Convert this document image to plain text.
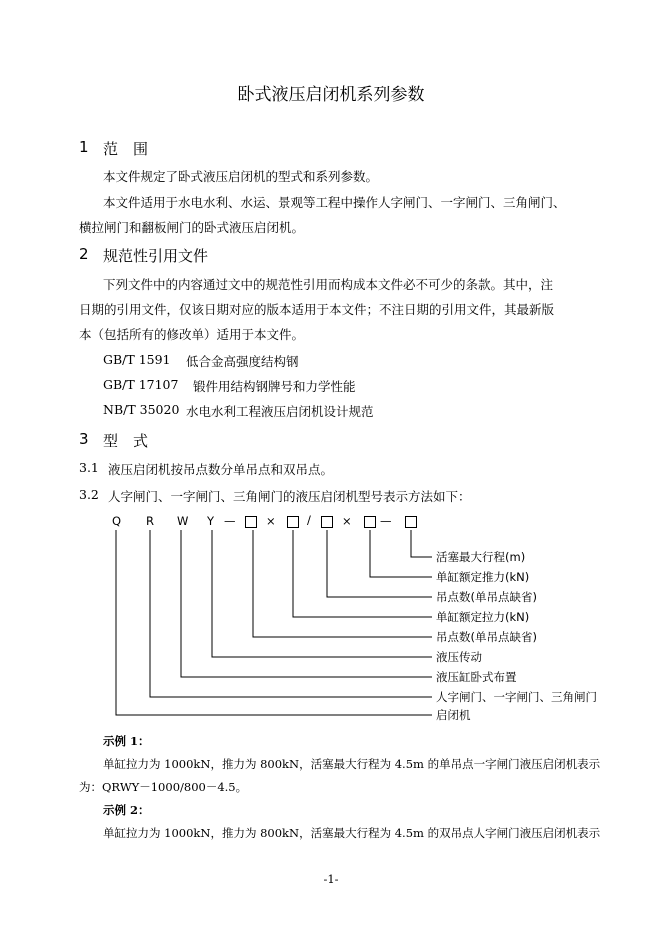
卧式液压启闭机系列参数
1 范　围
本文件规定了卧式液压启闭机的型式和系列参数。
本文件适用于水电水利、水运、景观等工程中操作人字闸门、一字闸门、三角闸门、
横拉闸门和翻板闸门的卧式液压启闭机。
2 规范性引用文件
下列文件中的内容通过文中的规范性引用而构成本文件必不可少的条款。其中，注
日期的引用文件，仅该日期对应的版本适用于本文件；不注日期的引用文件，其最新版
本（包括所有的修改单）适用于本文件。
GB/T 1591 低合金高强度结构钢
GB/T 17107 锻件用结构钢牌号和力学性能
NB/T 35020 水电水利工程液压启闭机设计规范
3 型　式
3.1 液压启闭机按吊点数分单吊点和双吊点。
3.2 人字闸门、一字闸门、三角闸门的液压启闭机型号表示方法如下：
Q R W Y —	×	/	× —
活塞最大行程(m)
单缸额定推力(kN)
吊点数(单吊点缺省)
单缸额定拉力(kN)
吊点数(单吊点缺省)
液压传动
液压缸卧式布置
人字闸门、一字闸门、三角闸门
启闭机
示例 1：
单缸拉力为 1000kN，推力为 800kN，活塞最大行程为 4.5m 的单吊点一字闸门液压启闭机表示
为：QRWY－1000/800－4.5。
示例 2：
单缸拉力为 1000kN，推力为 800kN，活塞最大行程为 4.5m 的双吊点人字闸门液压启闭机表示
-1-
